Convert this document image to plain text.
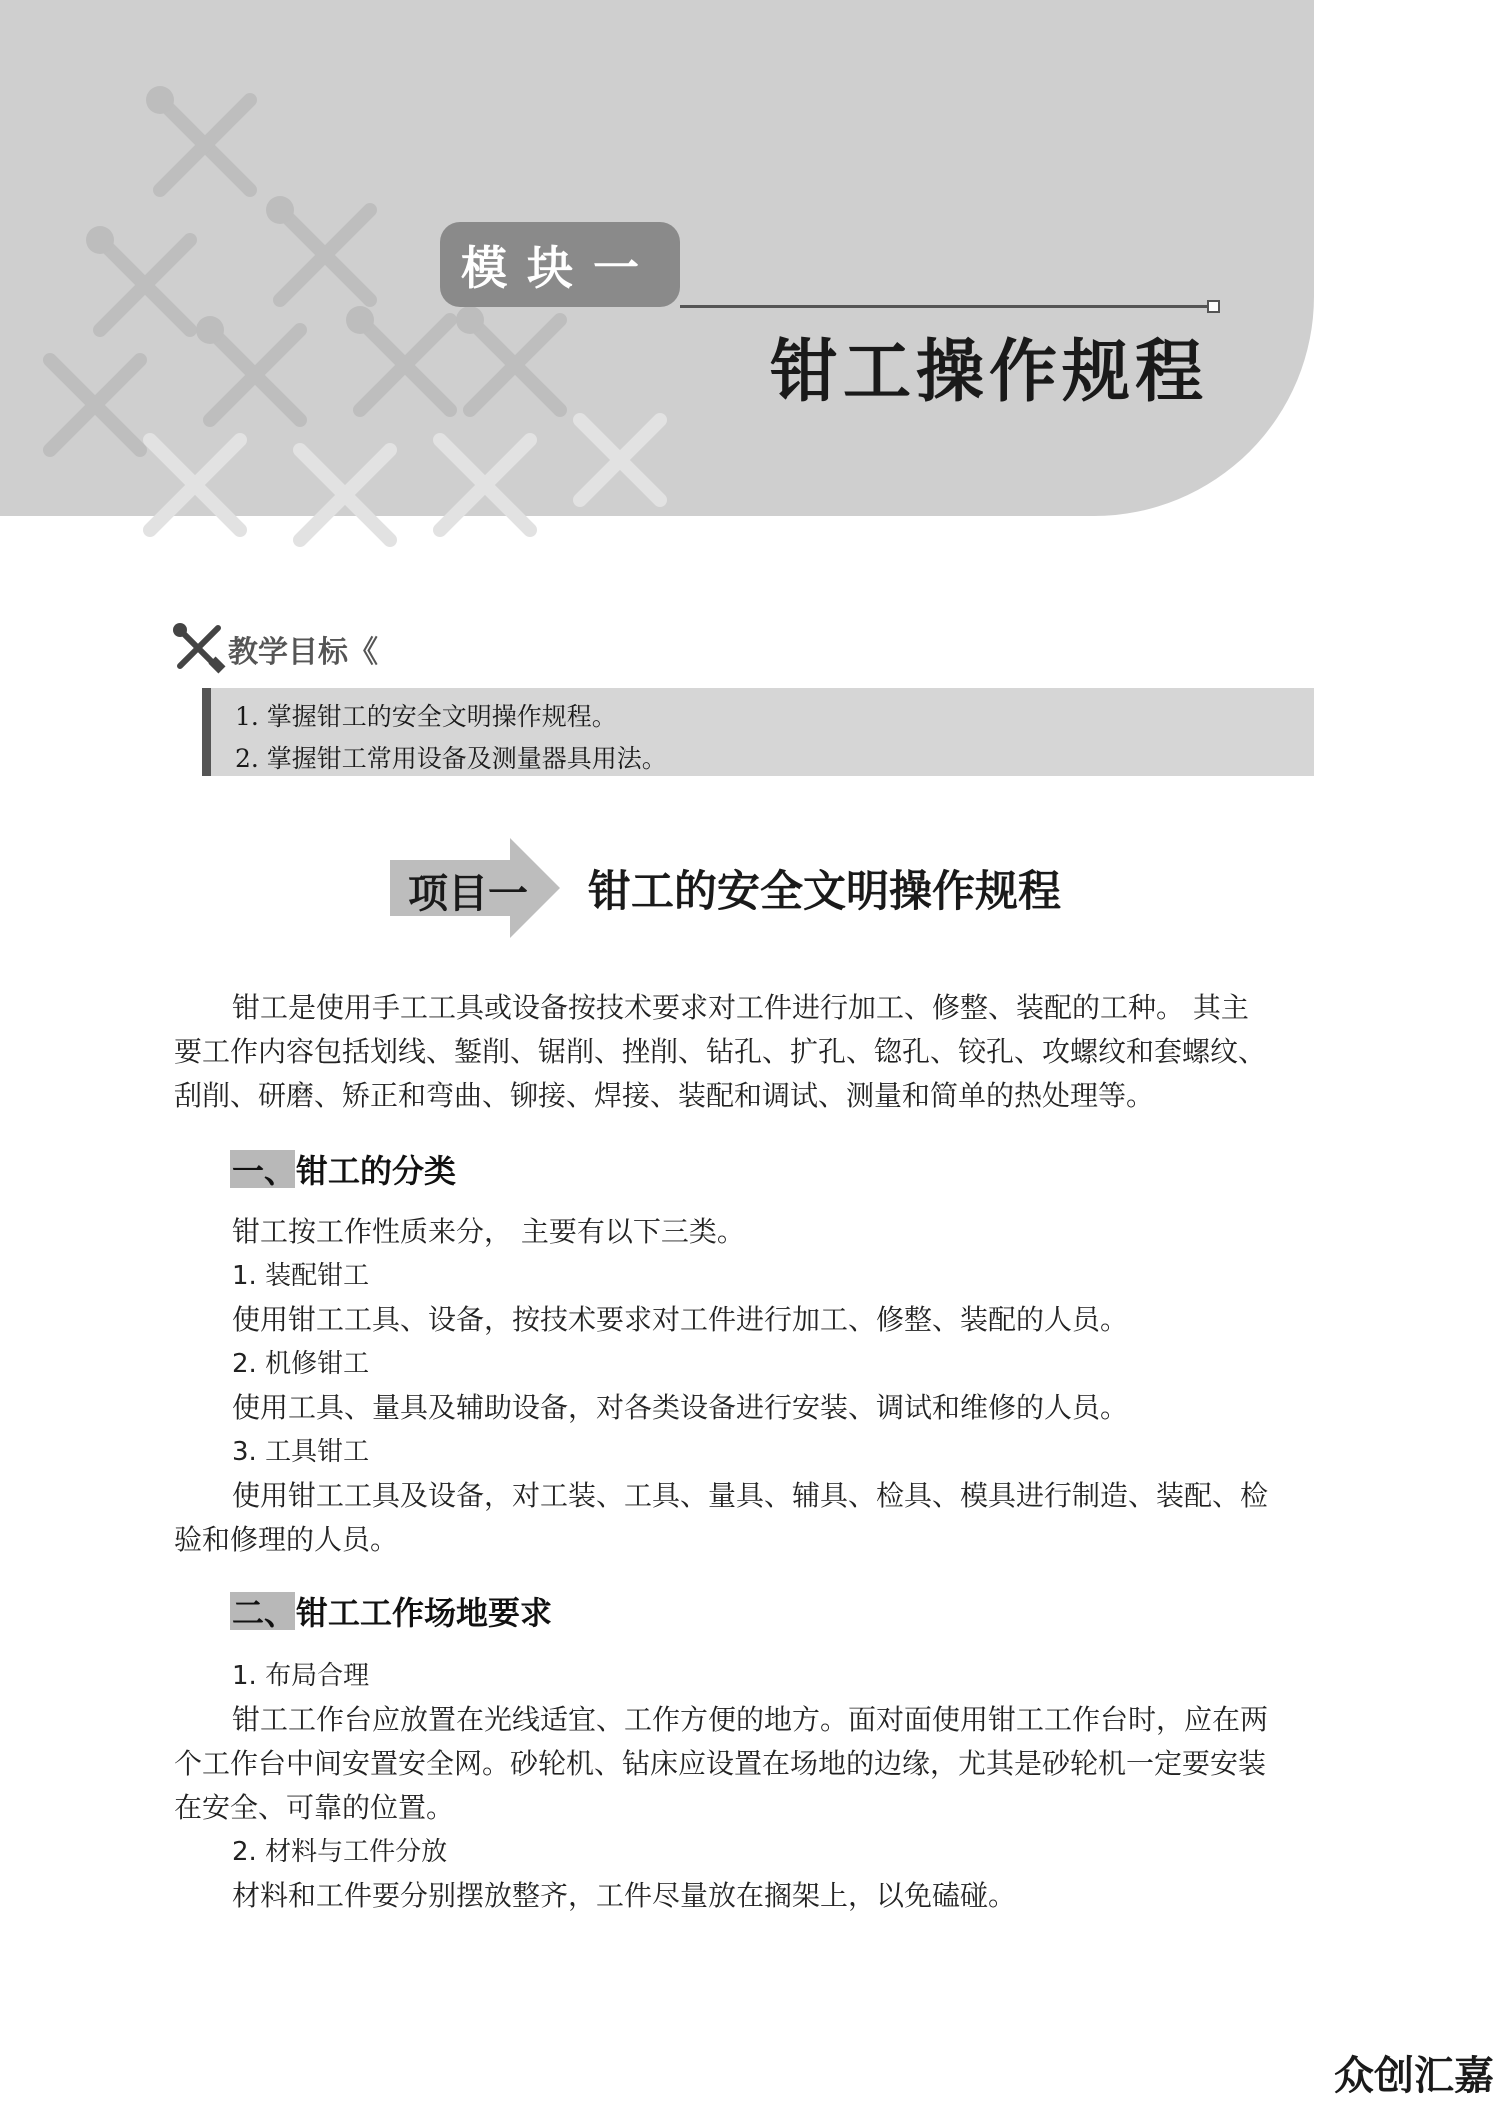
模块一
钳工操作规程
教学目标《
1. 掌握钳工的安全文明操作规程。
2. 掌握钳工常用设备及测量器具用法。
项目一 钳工的安全文明操作规程
钳工是使用手工工具或设备按技术要求对工件进行加工、修整、装配的工种。 其主
要工作内容包括划线、錾削、锯削、挫削、钻孔、扩孔、锪孔、铰孔、攻螺纹和套螺纹、
刮削、研磨、矫正和弯曲、铆接、焊接、装配和调试、测量和简单的热处理等。
一、钳工的分类
钳工按工作性质来分， 主要有以下三类。
1. 装配钳工
使用钳工工具、设备，按技术要求对工件进行加工、修整、装配的人员。
2. 机修钳工
使用工具、量具及辅助设备，对各类设备进行安装、调试和维修的人员。
3. 工具钳工
使用钳工工具及设备，对工装、工具、量具、辅具、检具、模具进行制造、装配、检
验和修理的人员。
二、钳工工作场地要求
1. 布局合理
钳工工作台应放置在光线适宜、工作方便的地方。面对面使用钳工工作台时，应在两
个工作台中间安置安全网。砂轮机、钻床应设置在场地的边缘，尤其是砂轮机一定要安装
在安全、可靠的位置。
2. 材料与工件分放
材料和工件要分别摆放整齐，工件尽量放在搁架上，以免磕碰。
众创汇嘉
